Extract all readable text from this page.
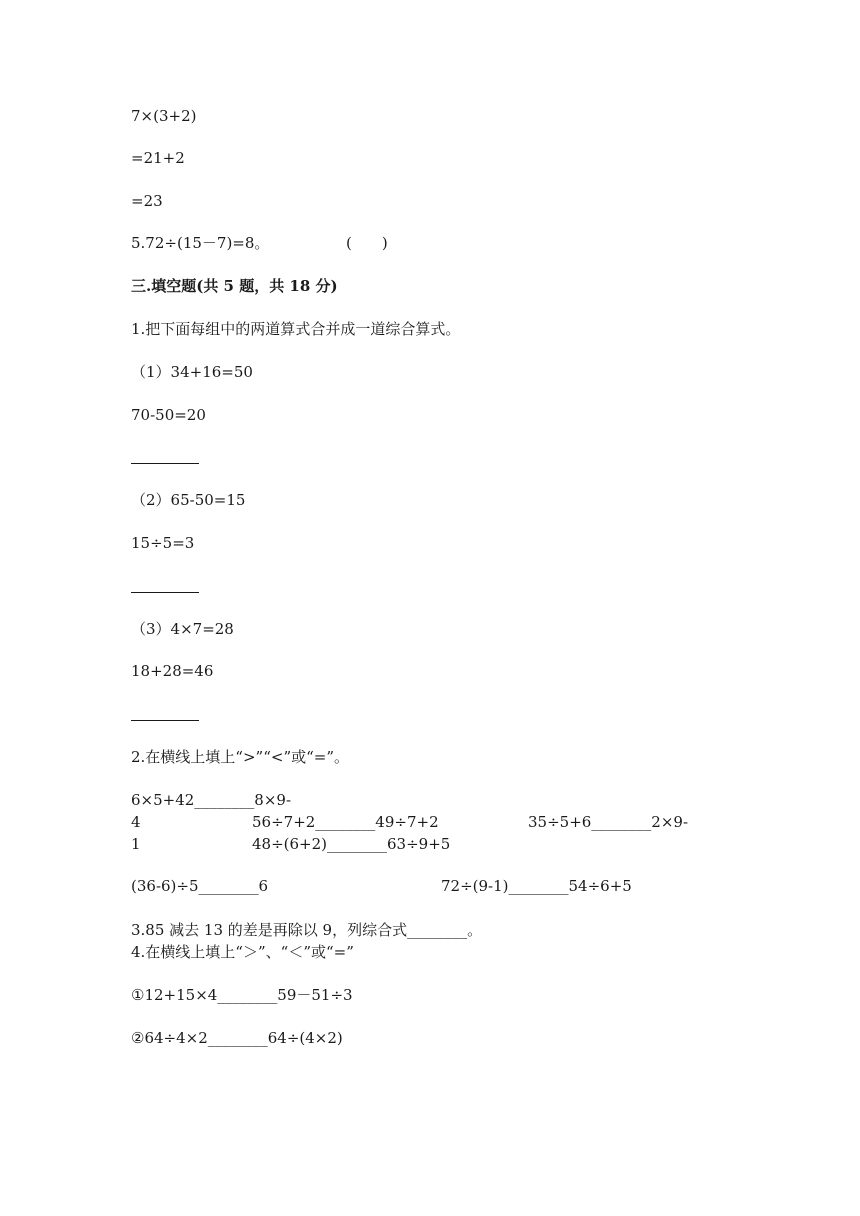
7×(3+2)
=21+2
=23
5.72÷(15－7)=8。	(　　)
三.填空题(共 5 题，共 18 分)
1.把下面每组中的两道算式合并成一道综合算式。
（1）34+16=50
70-50=20
（2）65-50=15
15÷5=3
（3）4×7=28
18+28=46
2.在横线上填上“>”“<”或“=”。
6×5+42________8×9-
4	56÷7+2________49÷7+2	35÷5+6________2×9-
1	48÷(6+2)________63÷9+5
(36-6)÷5________6	72÷(9-1)________54÷6+5
3.85 减去 13 的差是再除以 9，列综合式________。
4.在横线上填上“＞”、“＜”或“=”
①12+15×4________59－51÷3
②64÷4×2________64÷(4×2)
